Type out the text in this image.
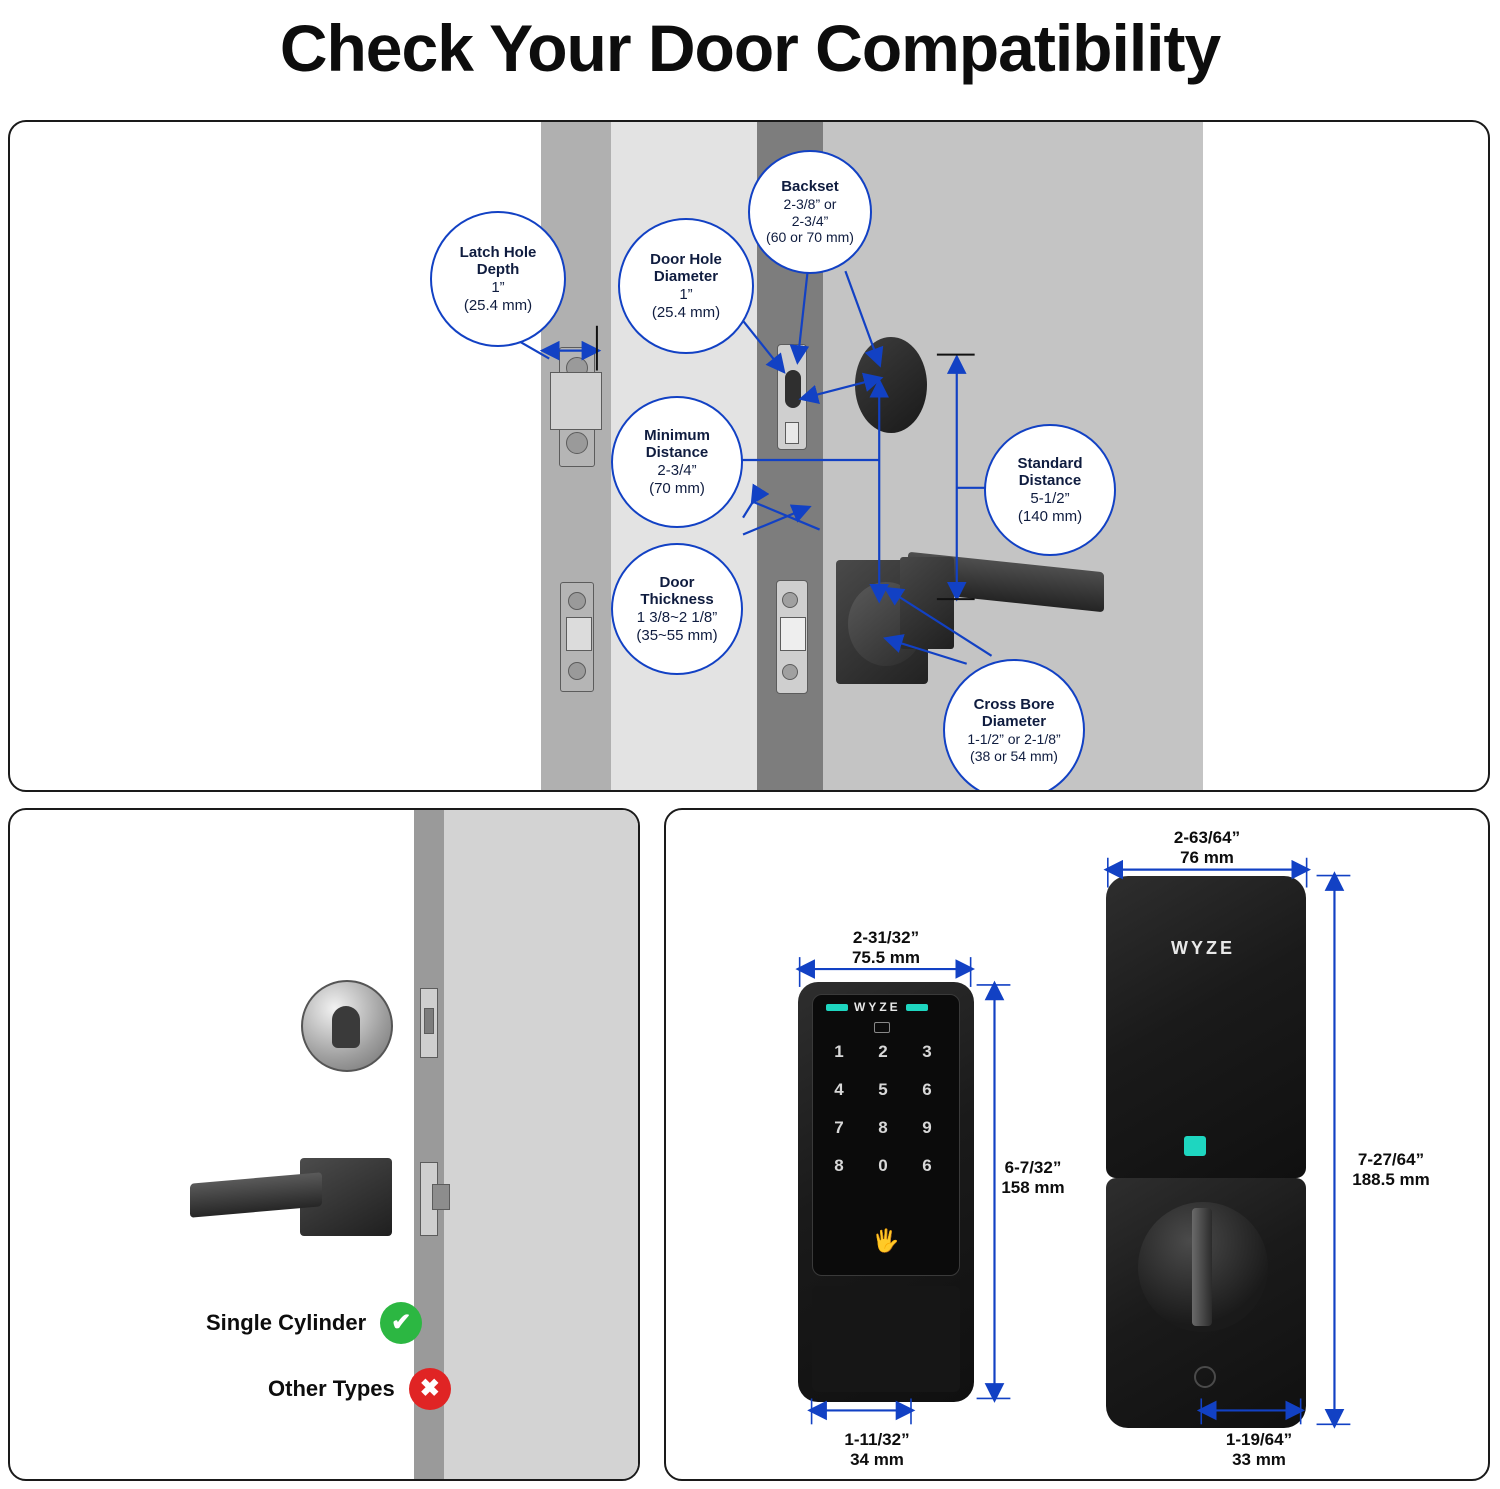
Check Your Door Compatibility
Latch Hole
Depth
1”
(25.4 mm)
Door Hole
Diameter
1”
(25.4 mm)
Backset
2-3/8” or
2-3/4”
(60 or 70 mm)
Minimum
Distance
2-3/4”
(70 mm)
Standard
Distance
5-1/2”
(140 mm)
Door
Thickness
1 3/8~2 1/8”
(35~55 mm)
Cross Bore
Diameter
1-1/2” or 2-1/8”
(38 or 54 mm)
Single Cylinder	✔
Other Types	✖
WYZE
1	2	3
4	5	6
7	8	9
8	0	6
🖐
WYZE
2-31/32”
75.5 mm
6-7/32”
158 mm
1-11/32”
34 mm
2-63/64”
76 mm
7-27/64”
188.5 mm
1-19/64”
33 mm
